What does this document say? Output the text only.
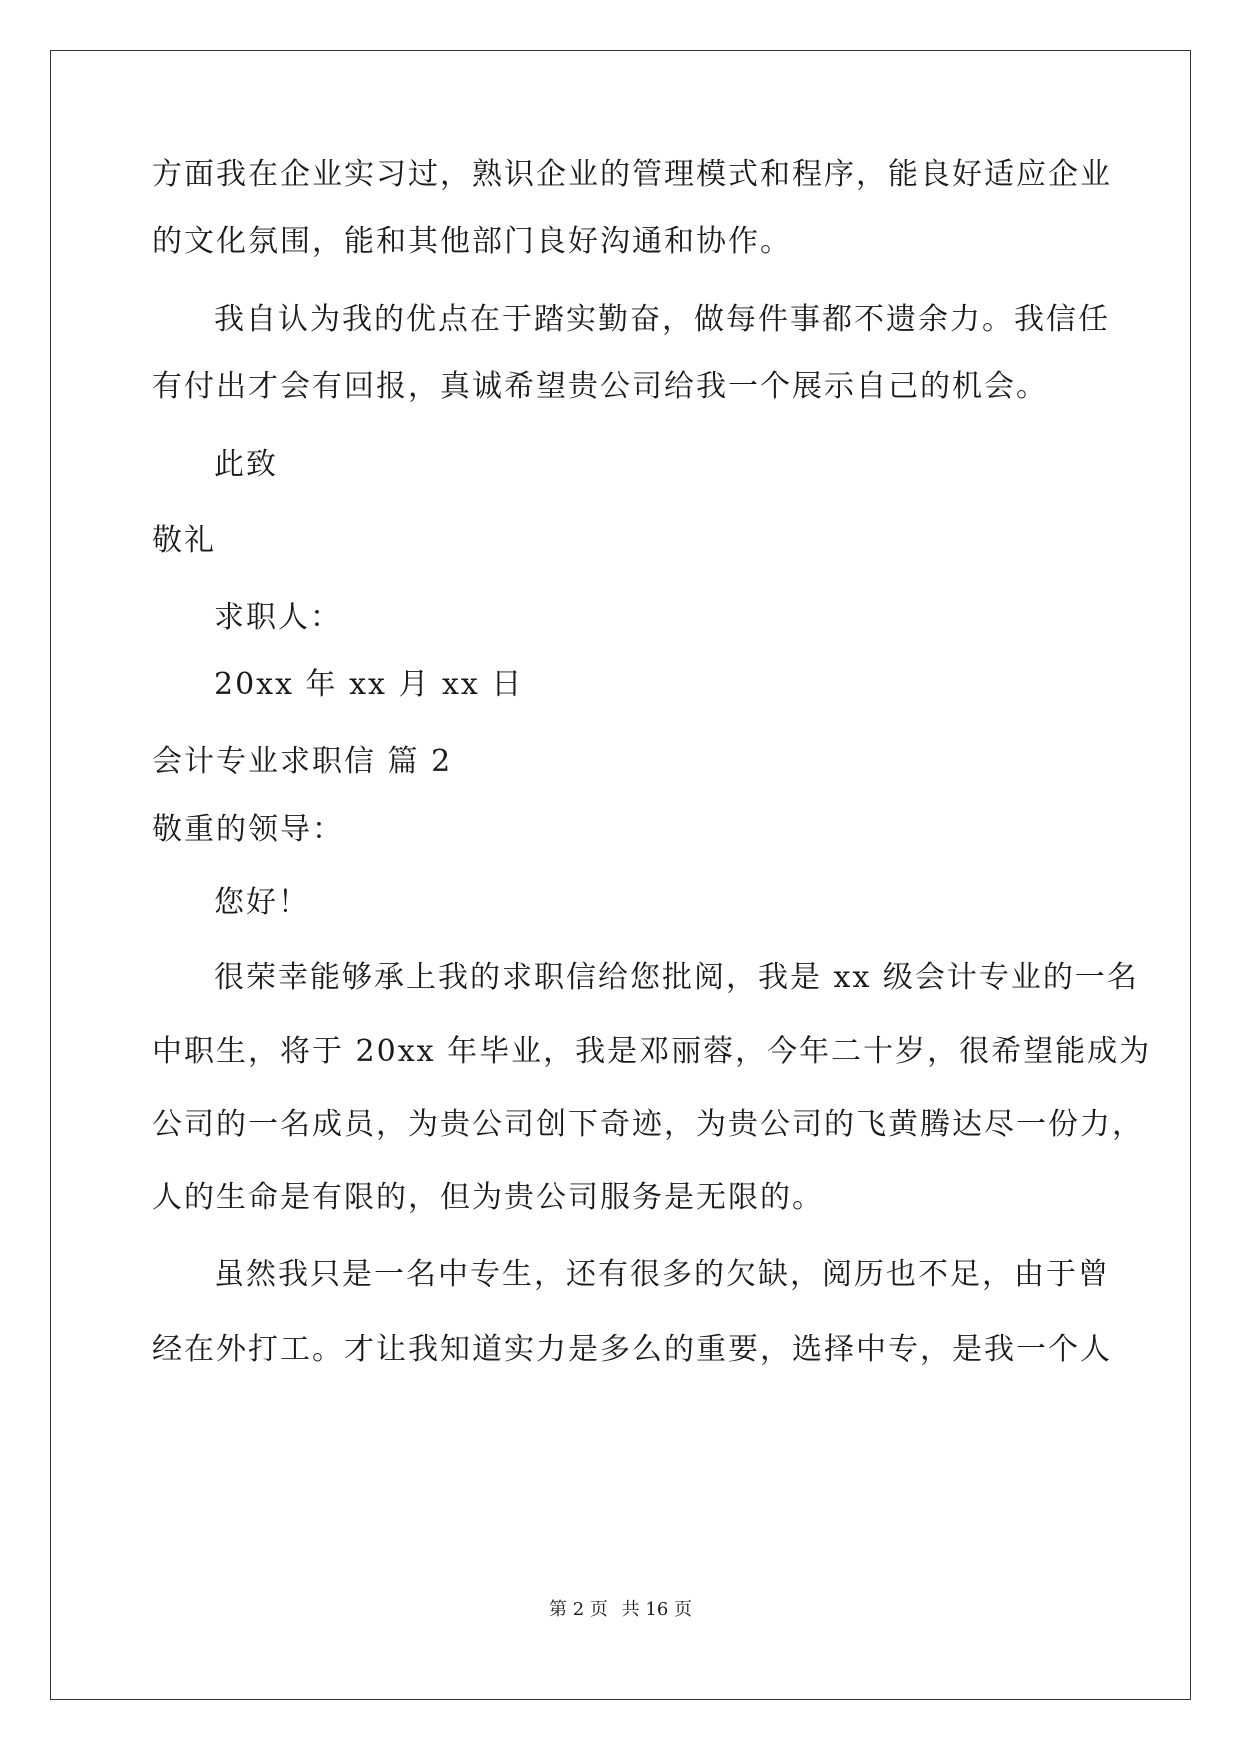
方面我在企业实习过，熟识企业的管理模式和程序，能良好适应企业
的文化氛围，能和其他部门良好沟通和协作。
我自认为我的优点在于踏实勤奋，做每件事都不遗余力。我信任
有付出才会有回报，真诚希望贵公司给我一个展示自己的机会。
此致
敬礼
求职人：
20xx 年 xx 月 xx 日
会计专业求职信 篇 2
敬重的领导：
您好！
很荣幸能够承上我的求职信给您批阅，我是 xx 级会计专业的一名
中职生，将于 20xx 年毕业，我是邓丽蓉，今年二十岁，很希望能成为
公司的一名成员，为贵公司创下奇迹，为贵公司的飞黄腾达尽一份力，
人的生命是有限的，但为贵公司服务是无限的。
虽然我只是一名中专生，还有很多的欠缺，阅历也不足，由于曾
经在外打工。才让我知道实力是多么的重要，选择中专，是我一个人
第 2 页 共 16 页
